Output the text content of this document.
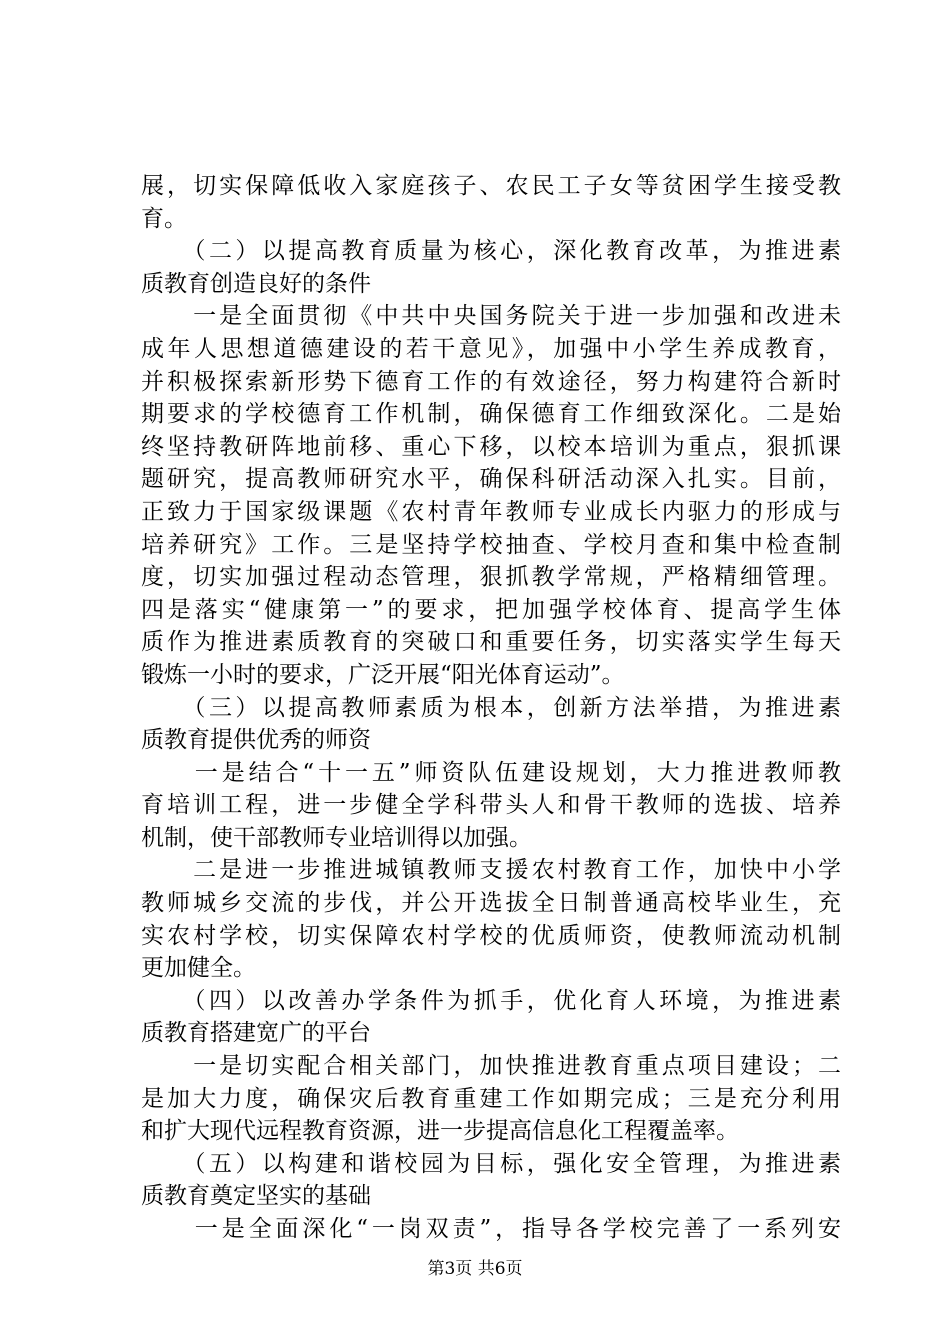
展，切实保障低收入家庭孩子、农民工子女等贫困学生接受教
育。
　　（二）以提高教育质量为核心，深化教育改革，为推进素
质教育创造良好的条件
　　一是全面贯彻《中共中央国务院关于进一步加强和改进未
成年人思想道德建设的若干意见》，加强中小学生养成教育，
并积极探索新形势下德育工作的有效途径，努力构建符合新时
期要求的学校德育工作机制，确保德育工作细致深化。二是始
终坚持教研阵地前移、重心下移，以校本培训为重点，狠抓课
题研究，提高教师研究水平，确保科研活动深入扎实。目前，
正致力于国家级课题《农村青年教师专业成长内驱力的形成与
培养研究》工作。三是坚持学校抽查、学校月查和集中检查制
度，切实加强过程动态管理，狠抓教学常规，严格精细管理。
四是落实“健康第一”的要求，把加强学校体育、提高学生体
质作为推进素质教育的突破口和重要任务，切实落实学生每天
锻炼一小时的要求，广泛开展“阳光体育运动”。
　　（三）以提高教师素质为根本，创新方法举措，为推进素
质教育提供优秀的师资
　　一是结合“十一五”师资队伍建设规划，大力推进教师教
育培训工程，进一步健全学科带头人和骨干教师的选拔、培养
机制，使干部教师专业培训得以加强。
　　二是进一步推进城镇教师支援农村教育工作，加快中小学
教师城乡交流的步伐，并公开选拔全日制普通高校毕业生，充
实农村学校，切实保障农村学校的优质师资，使教师流动机制
更加健全。
　　（四）以改善办学条件为抓手，优化育人环境，为推进素
质教育搭建宽广的平台
　　一是切实配合相关部门，加快推进教育重点项目建设；二
是加大力度，确保灾后教育重建工作如期完成；三是充分利用
和扩大现代远程教育资源，进一步提高信息化工程覆盖率。
　　（五）以构建和谐校园为目标，强化安全管理，为推进素
质教育奠定坚实的基础
　　一是全面深化“一岗双责”，指导各学校完善了一系列安
第3页 共6页
